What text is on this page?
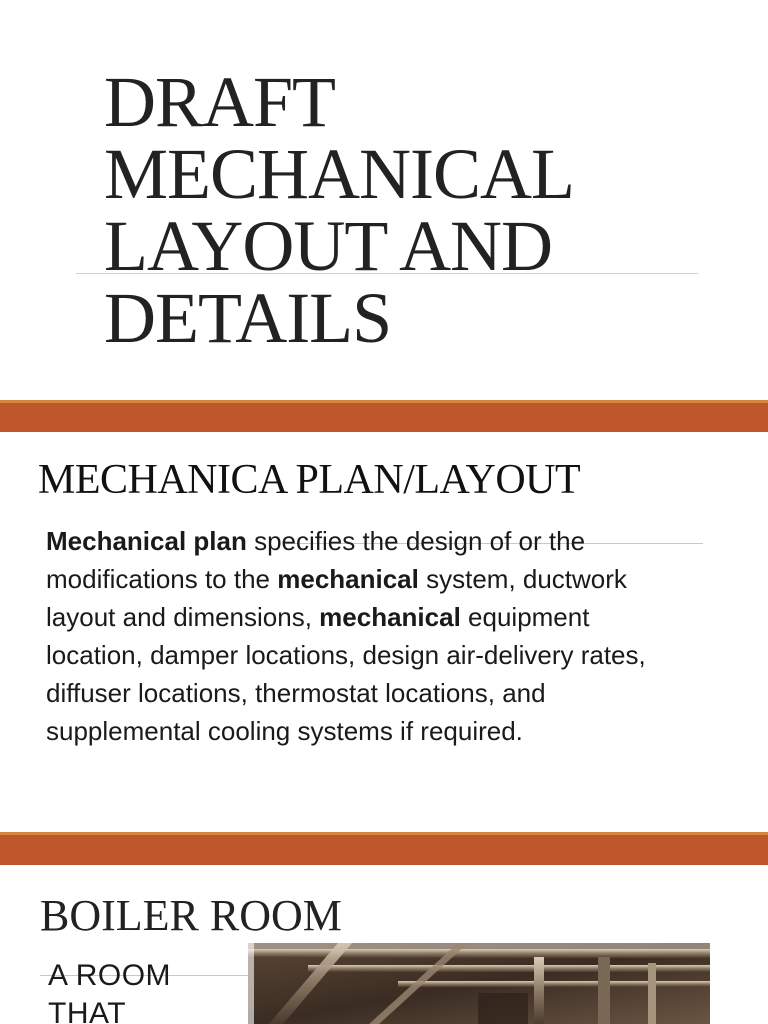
DRAFT
MECHANICAL
LAYOUT AND
DETAILS
MECHANICA PLAN/LAYOUT

Mechanical plan specifies the design of or the modifications to the mechanical system, ductwork layout and dimensions, mechanical equipment location, damper locations, design air-delivery rates, diffuser locations, thermostat locations, and supplemental cooling systems if required.

BOILER ROOM

A ROOM
THAT
